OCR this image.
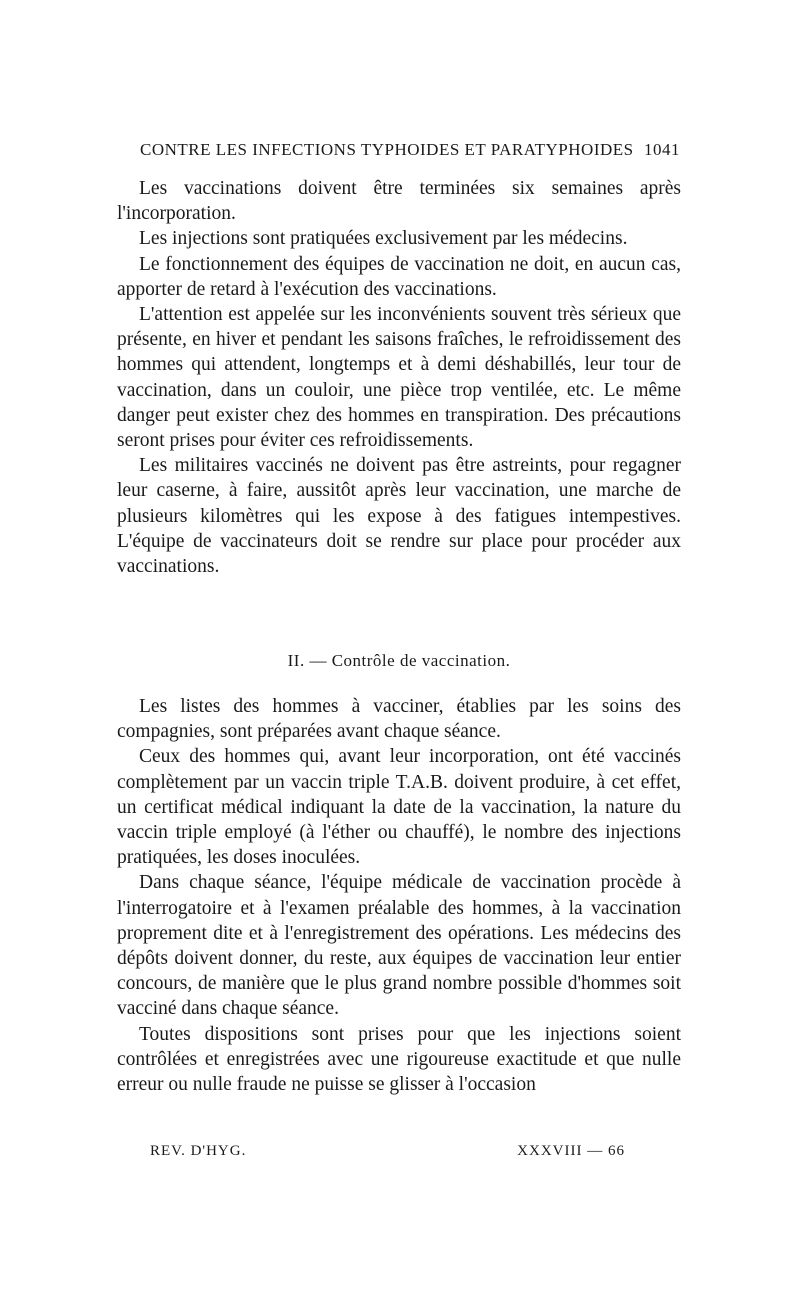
CONTRE LES INFECTIONS TYPHOIDES ET PARATYPHOIDES 1041

Les vaccinations doivent être terminées six semaines après l'incorporation.

Les injections sont pratiquées exclusivement par les médecins.

Le fonctionnement des équipes de vaccination ne doit, en aucun cas, apporter de retard à l'exécution des vaccinations.

L'attention est appelée sur les inconvénients souvent très sérieux que présente, en hiver et pendant les saisons fraîches, le refroidissement des hommes qui attendent, longtemps et à demi déshabillés, leur tour de vaccination, dans un couloir, une pièce trop ventilée, etc. Le même danger peut exister chez des hommes en transpiration. Des précautions seront prises pour éviter ces refroidissements.

Les militaires vaccinés ne doivent pas être astreints, pour regagner leur caserne, à faire, aussitôt après leur vaccination, une marche de plusieurs kilomètres qui les expose à des fatigues intempestives. L'équipe de vaccinateurs doit se rendre sur place pour procéder aux vaccinations.

II. — Contrôle de vaccination.

Les listes des hommes à vacciner, établies par les soins des compagnies, sont préparées avant chaque séance.

Ceux des hommes qui, avant leur incorporation, ont été vaccinés complètement par un vaccin triple T.A.B. doivent produire, à cet effet, un certificat médical indiquant la date de la vaccination, la nature du vaccin triple employé (à l'éther ou chauffé), le nombre des injections pratiquées, les doses inoculées.

Dans chaque séance, l'équipe médicale de vaccination procède à l'interrogatoire et à l'examen préalable des hommes, à la vaccination proprement dite et à l'enregistrement des opérations. Les médecins des dépôts doivent donner, du reste, aux équipes de vaccination leur entier concours, de manière que le plus grand nombre possible d'hommes soit vacciné dans chaque séance.

Toutes dispositions sont prises pour que les injections soient contrôlées et enregistrées avec une rigoureuse exactitude et que nulle erreur ou nulle fraude ne puisse se glisser à l'occasion

REV. D'HYG.	XXXVIII — 66
